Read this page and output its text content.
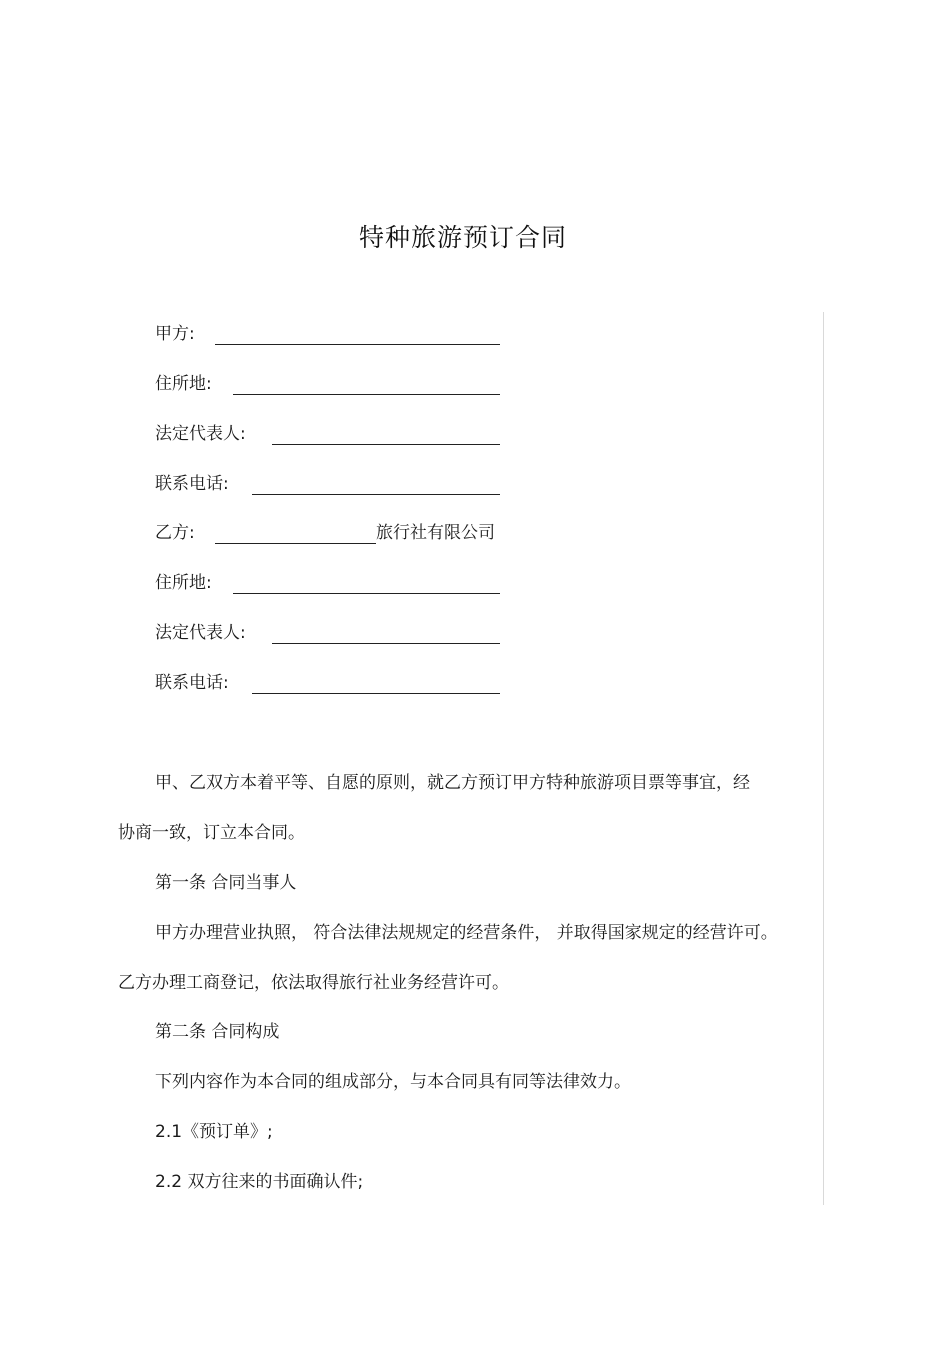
特种旅游预订合同
甲方:
住所地:
法定代表人:
联系电话:
乙方:	旅行社有限公司
住所地:
法定代表人:
联系电话:
甲、乙双方本着平等、自愿的原则，就乙方预订甲方特种旅游项目票等事宜，经
协商一致，订立本合同。
第一条 合同当事人
甲方办理营业执照， 符合法律法规规定的经营条件， 并取得国家规定的经营许可。
乙方办理工商登记，依法取得旅行社业务经营许可。
第二条 合同构成
下列内容作为本合同的组成部分，与本合同具有同等法律效力。
2.1《预订单》;
2.2 双方往来的书面确认件;
